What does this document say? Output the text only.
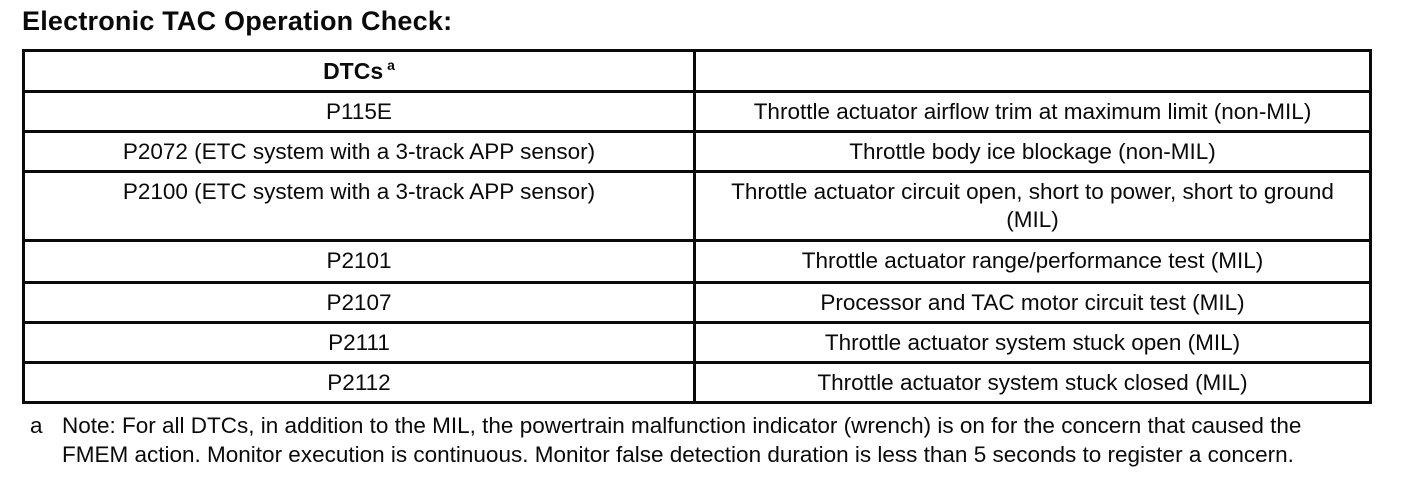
Electronic TAC Operation Check:
DTCs $^a$	
P115E	Throttle actuator airflow trim at maximum limit (non-MIL)
P2072 (ETC system with a 3-track APP sensor)	Throttle body ice blockage (non-MIL)
P2100 (ETC system with a 3-track APP sensor)	Throttle actuator circuit open, short to power, short to ground (MIL)
P2101	Throttle actuator range/performance test (MIL)
P2107	Processor and TAC motor circuit test (MIL)
P2111	Throttle actuator system stuck open (MIL)
P2112	Throttle actuator system stuck closed (MIL)
a Note: For all DTCs, in addition to the MIL, the powertrain malfunction indicator (wrench) is on for the concern that caused the FMEM action. Monitor execution is continuous. Monitor false detection duration is less than 5 seconds to register a concern.
